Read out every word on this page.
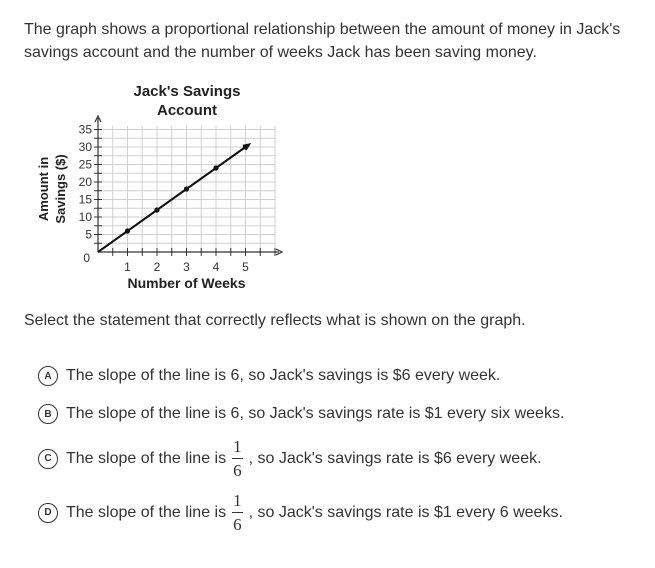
The graph shows a proportional relationship between the amount of money in Jack's savings account and the number of weeks Jack has been saving money.

Jack's Savings Account
5
10
15
20
25
30
35
1 2 3 4 5
0
Number of Weeks
Amount in Savings ($)

Select the statement that correctly reflects what is shown on the graph.

A The slope of the line is 6, so Jack's savings is $6 every week.
B The slope of the line is 6, so Jack's savings rate is $1 every six weeks.
C The slope of the line is $\frac{1}{6}$ , so Jack's savings rate is $6 every week.
D The slope of the line is $\frac{1}{6}$ , so Jack's savings rate is $1 every 6 weeks.
